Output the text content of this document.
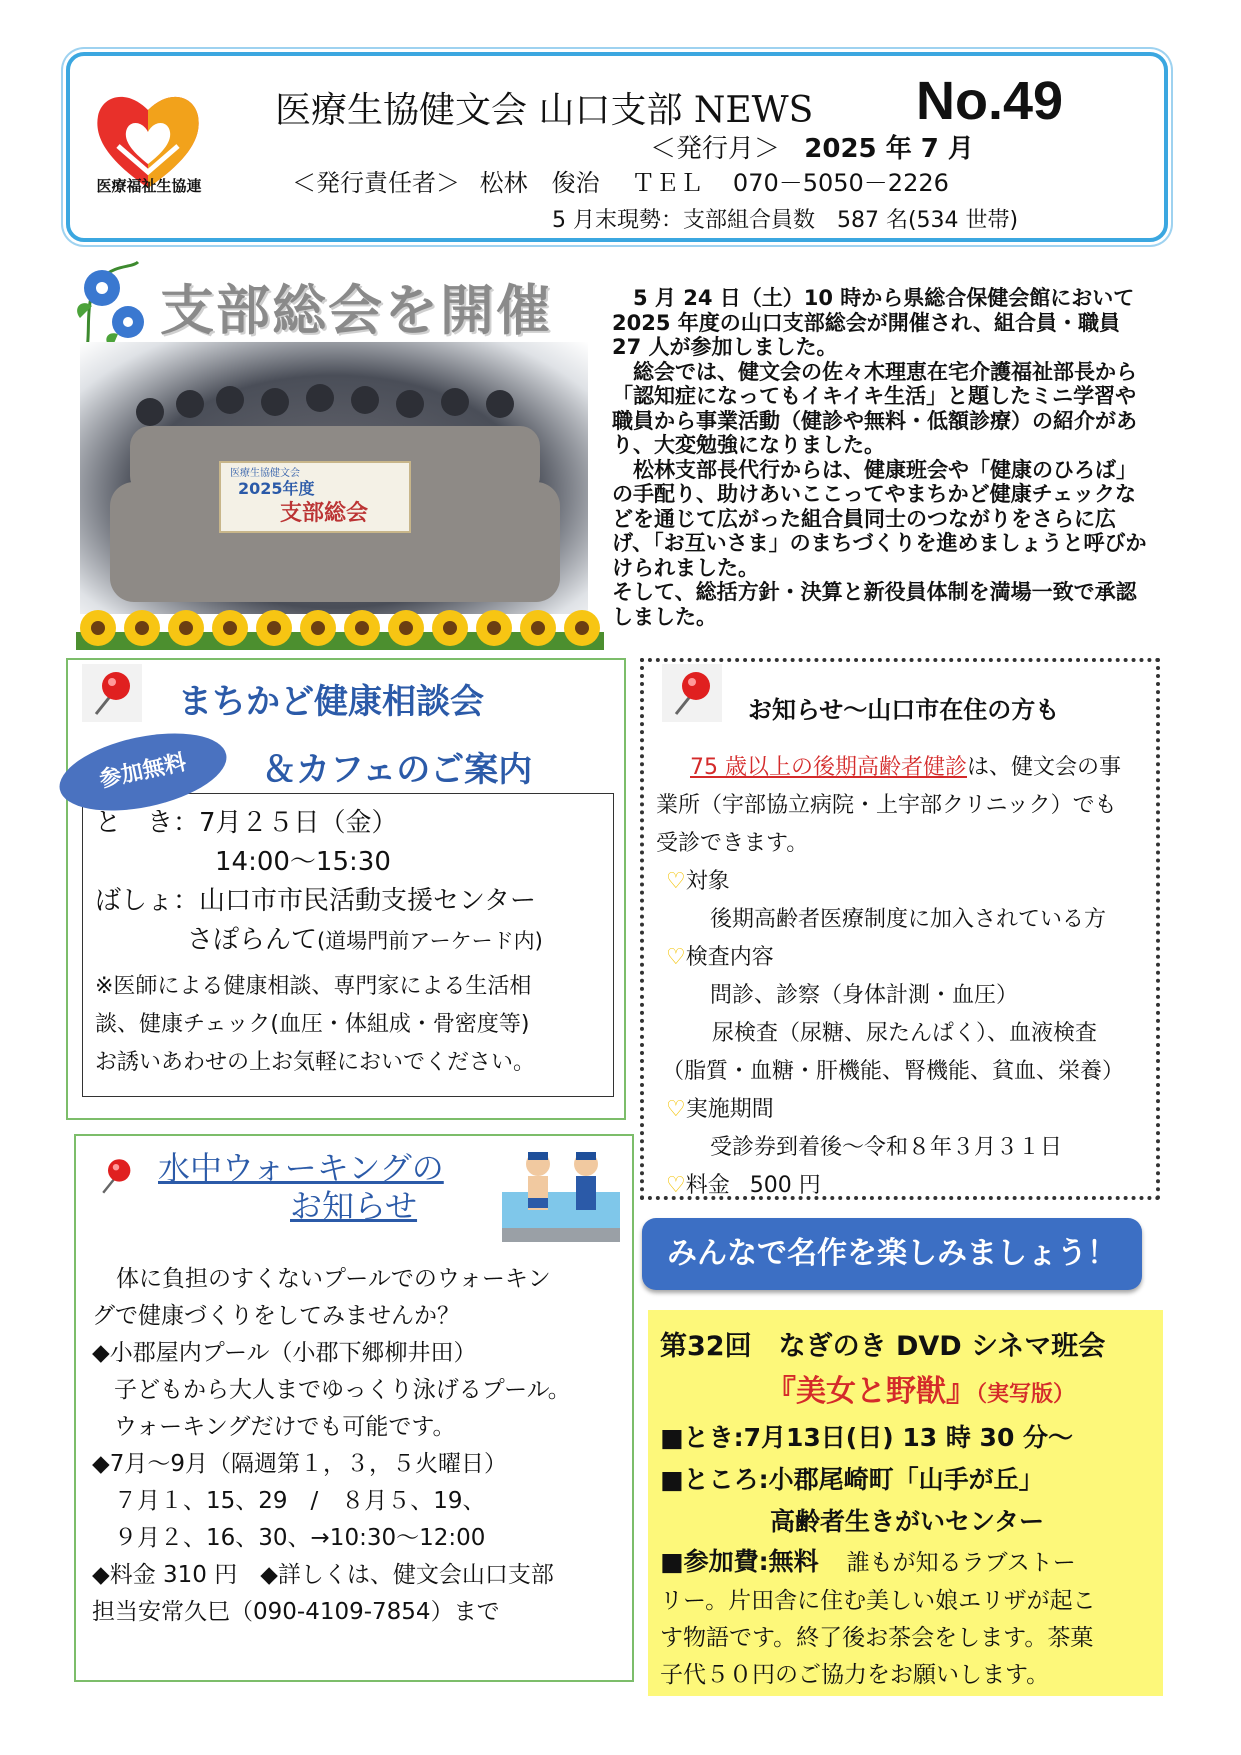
医療福祉生協連
医療生協健文会 山口支部 NEWS No.49
＜発行月＞ 2025 年 7 月
＜発行責任者＞ 松林　俊治 ＴＥＬ 070－5050－2226
5 月末現勢：支部組合員数　587 名(534 世帯)
支部総会を開催
医療生協健文会
2025年度
支部総会

5 月 24 日（土）10 時から県総合保健会館において 2025 年度の山口支部総会が開催され、組合員・職員 27 人が参加しました。

総会では、健文会の佐々木理恵在宅介護福祉部長から「認知症になってもイキイキ生活」と題したミニ学習や職員から事業活動（健診や無料・低額診療）の紹介があり、大変勉強になりました。

松林支部長代行からは、健康班会や「健康のひろば」の手配り、助けあいここってやまちかど健康チェックなどを通じて広がった組合員同士のつながりをさらに広げ、「お互いさま」のまちづくりを進めましょうと呼びかけられました。

そして、総括方針・決算と新役員体制を満場一致で承認しました。

まちかど健康相談会
＆カフェのご案内
と　き：7月２５日（金）
14:00～15:30
ばしょ：山口市市民活動支援センター
さぽらんて(道場門前アーケード内)
※医師による健康相談、専門家による生活相
談、健康チェック(血圧・体組成・骨密度等)
お誘いあわせの上お気軽においでください。
参加無料
お知らせ～山口市在住の方も
75 歳以上の後期高齢者健診は、健文会の事
業所（宇部協立病院・上宇部クリニック）でも
受診できます。
♡対象
後期高齢者医療制度に加入されている方
♡検査内容
問診、診察（身体計測・血圧）
尿検査（尿糖、尿たんぱく）、血液検査
（脂質・血糖・肝機能、腎機能、貧血、栄養）
♡実施期間
受診券到着後～令和８年３月３１日
♡料金 500 円
水中ウォーキングの
お知らせ
体に負担のすくないプールでのウォーキン
グで健康づくりをしてみませんか？
◆小郡屋内プール（小郡下郷柳井田）
子どもから大人までゆっくり泳げるプール。
ウォーキングだけでも可能です。
◆7月～9月（隔週第１，３，５火曜日）
７月１、15、29　/　８月５、19、
９月２、16、30、→10:30～12:00
◆料金 310 円　◆詳しくは、健文会山口支部
担当安常久巳（090-4109-7854）まで
みんなで名作を楽しみましょう！
第32回　なぎのき DVD シネマ班会
『美女と野獣』（実写版）
■とき:7月13日(日) 13 時 30 分～
■ところ:小郡尾崎町「山手が丘」
高齢者生きがいセンター
■参加費:無料 誰もが知るラブストー
リー。片田舎に住む美しい娘エリザが起こ
す物語です。終了後お茶会をします。茶菓
子代５０円のご協力をお願いします。
